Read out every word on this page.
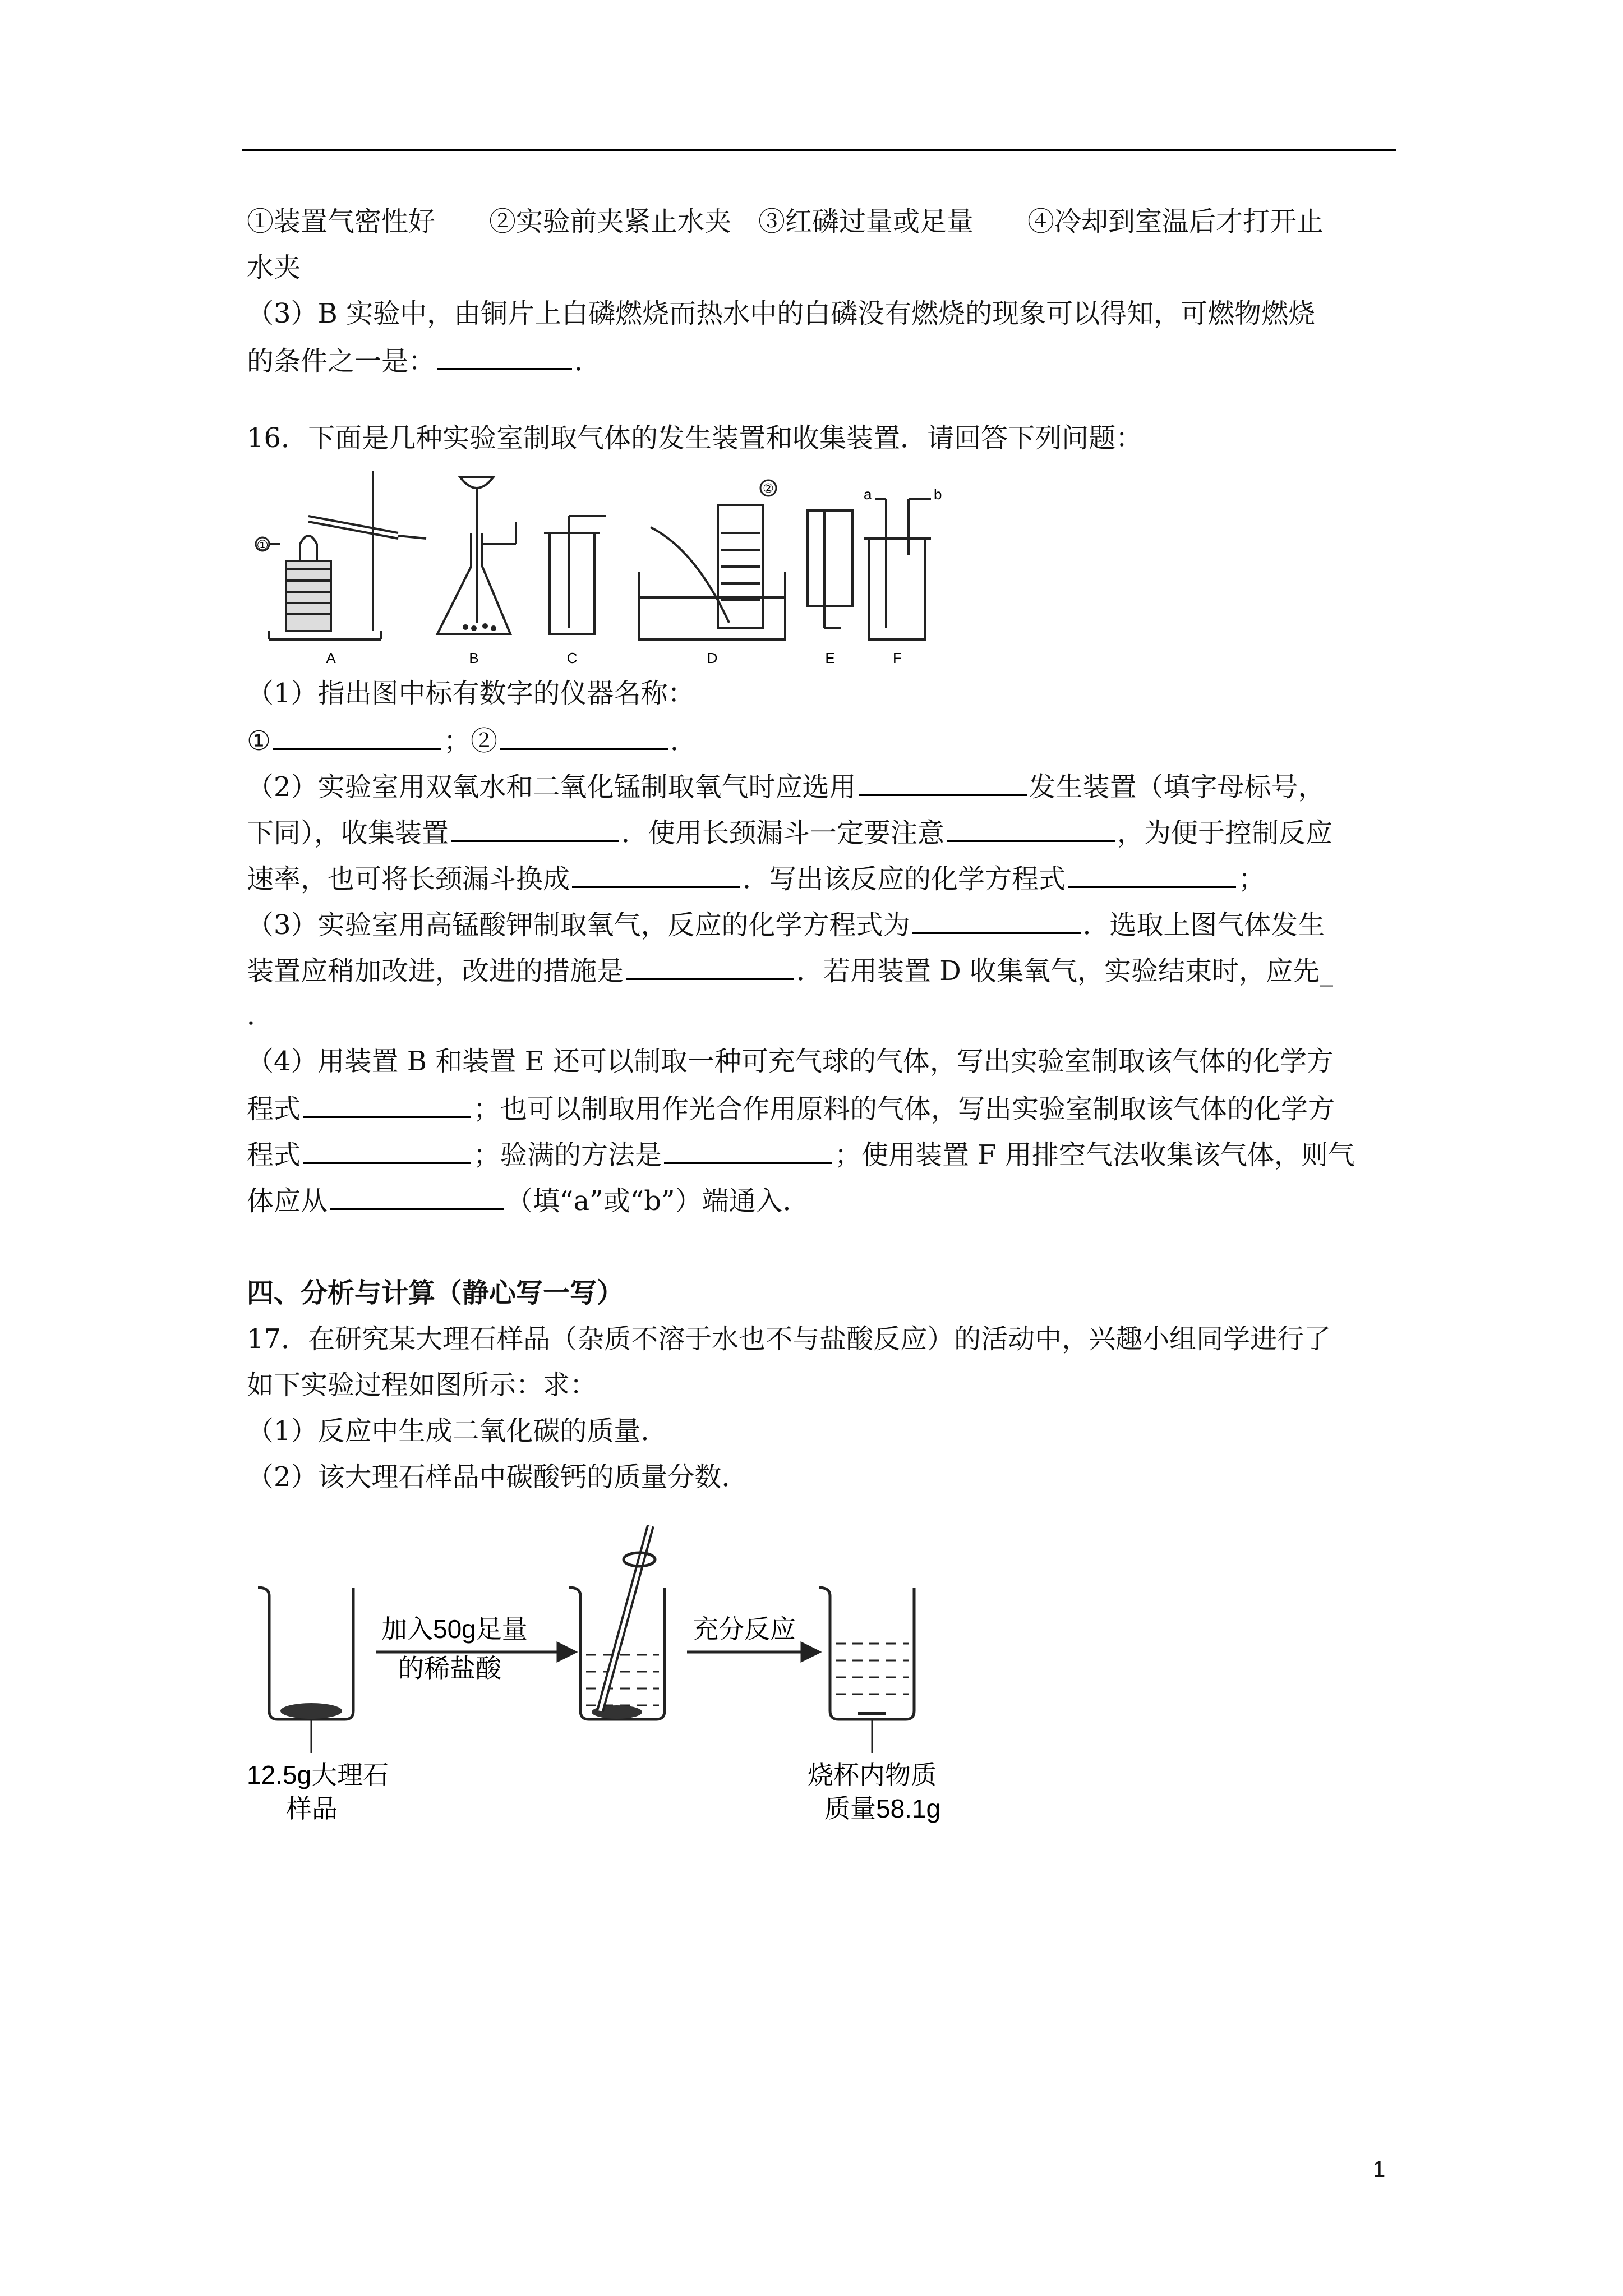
①装置气密性好　　②实验前夹紧止水夹　③红磷过量或足量　　④冷却到室温后才打开止
水夹
（3）B 实验中，由铜片上白磷燃烧而热水中的白磷没有燃烧的现象可以得知，可燃物燃烧
的条件之一是：	．
16．下面是几种实验室制取气体的发生装置和收集装置．请回答下列问题：
①
②	a	b
A	B	C	D	E	F
（1）指出图中标有数字的仪器名称：
①	；②	．
（2）实验室用双氧水和二氧化锰制取氧气时应选用	发生装置（填字母标号，
下同），收集装置	．使用长颈漏斗一定要注意	，为便于控制反应
速率，也可将长颈漏斗换成	．写出该反应的化学方程式	；
（3）实验室用高锰酸钾制取氧气，反应的化学方程式为	．选取上图气体发生
装置应稍加改进，改进的措施是	．若用装置 D 收集氧气，实验结束时，应先_
．
（4）用装置 B 和装置 E 还可以制取一种可充气球的气体，写出实验室制取该气体的化学方
程式	；也可以制取用作光合作用原料的气体，写出实验室制取该气体的化学方
程式	；验满的方法是	；使用装置 F 用排空气法收集该气体，则气
体应从	（填“a”或“b”）端通入．
四、分析与计算（静心写一写）
17．在研究某大理石样品（杂质不溶于水也不与盐酸反应）的活动中，兴趣小组同学进行了
如下实验过程如图所示：求：
（1）反应中生成二氧化碳的质量．
（2）该大理石样品中碳酸钙的质量分数．
加入50g足量
的稀盐酸
充分反应
12.5g大理石
样品
烧杯内物质
质量58.1g
1
